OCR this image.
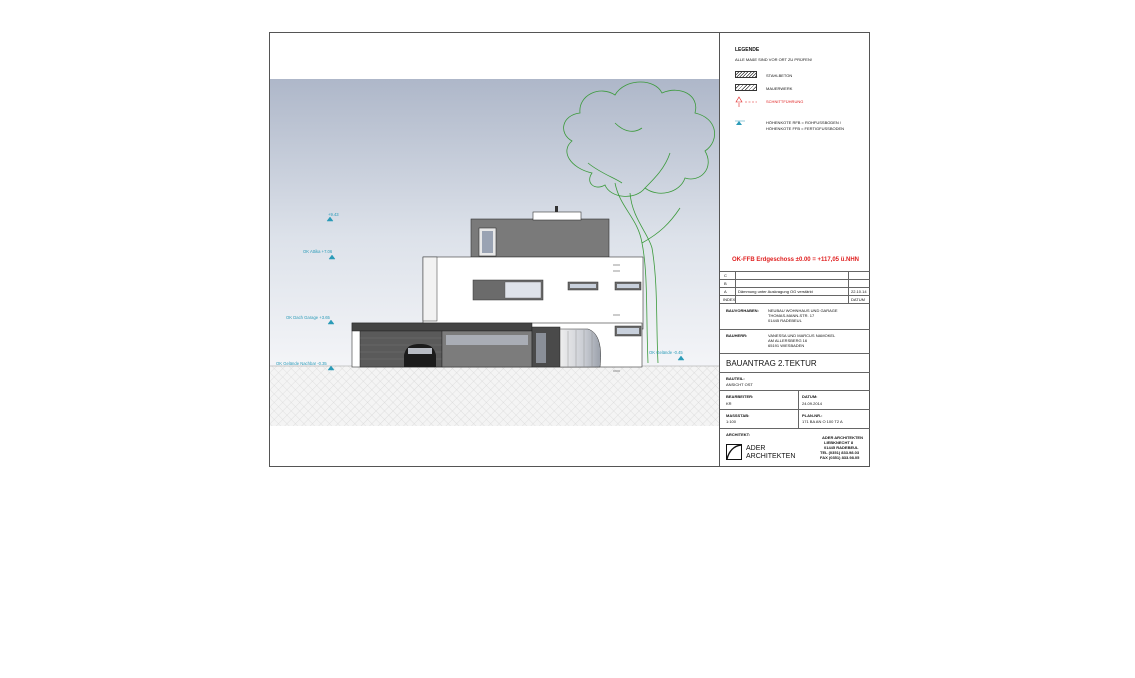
+9.43
OK Attika +7.06
OK Dach Garage +3.65
OK Gelände Nachbar -0.35
OK Gelände -0.45
LEGENDE
ALLE MAßE SIND VOR ORT ZU PRÜFEN!
STAHLBETON
MAUERWERK
SCHNITTFÜHRUNG
HÖHENKOTE RFB = ROHFUSSBODEN /
HÖHENKOTE FFB = FERTIGFUSSBODEN
OK-FFB Erdgeschoss ±0.00 = +117,05 ü.NHN
C
B
A	Dämmung unter Auskragung OG verstärkt	22.10.14
INDEX	DATUM
BAUVORHABEN: NEUBAU WOHNHAUS UND GARAGE
THOMAS-MANN-STR. 17
01445 RADEBEUL
BAUHERR:	VANESSA UND MARCUS NAMOKEL
AM ALLERSBERG 16
65191 WIESBADEN
BAUANTRAG 2.TEKTUR
BAUTEIL:
ANSICHT OST
BEARBEITER:
KR
DATUM:
24.09.2014
MASSSTAB:
1:100
PLAN-NR.:
171 BA AN O 100 T2 A
ARCHITEKT:
ADER
ARCHITEKTEN
ADER ARCHITEKTEN
LIEBKNECHT 8
01445 RADEBEUL
TEL (0351) 833.98.03
FAX (0351) 833.98.05
